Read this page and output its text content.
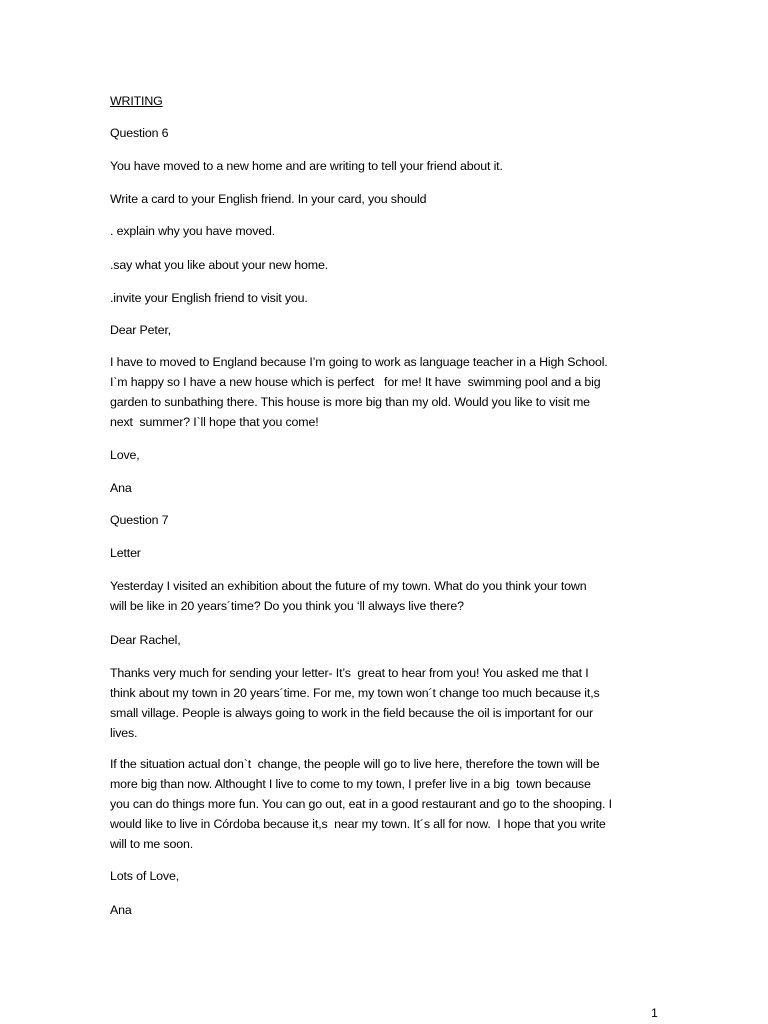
WRITING

Question 6

You have moved to a new home and are writing to tell your friend about it.

Write a card to your English friend. In your card, you should

. explain why you have moved.

.say what you like about your new home.

.invite your English friend to visit you.

Dear Peter,

I have to moved to England because I’m going to work as language teacher in a High School.
I`m happy so I have a new house which is perfect   for me! It have  swimming pool and a big
garden to sunbathing there. This house is more big than my old. Would you like to visit me
next  summer? I`ll hope that you come!

Love,

Ana

Question 7

Letter

Yesterday I visited an exhibition about the future of my town. What do you think your town
will be like in 20 years´time? Do you think you ‘ll always live there?

Dear Rachel,

Thanks very much for sending your letter- It’s  great to hear from you! You asked me that I
think about my town in 20 years´time. For me, my town won´t change too much because it,s
small village. People is always going to work in the field because the oil is important for our
lives.
If the situation actual don`t  change, the people will go to live here, therefore the town will be
more big than now. Althought I live to come to my town, I prefer live in a big  town because
you can do things more fun. You can go out, eat in a good restaurant and go to the shooping. I
would like to live in Córdoba because it,s  near my town. It´s all for now.  I hope that you write
will to me soon.

Lots of Love,

Ana

1
